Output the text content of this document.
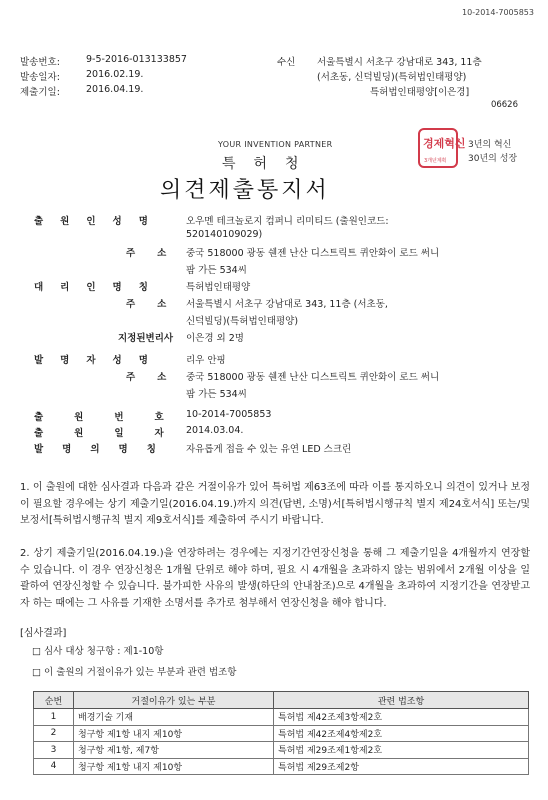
10-2014-7005853
발송번호:	9-5-2016-013133857
발송일자:	2016.02.19.
제출기일:	2016.04.19.
수신 서울특별시 서초구 강남대로 343, 11층
(서초동, 신덕빌딩)(특허법인태평양)
특허법인태평양[이은경]
06626
YOUR INVENTION PARTNER
특허청
의견제출통지서
경제혁신
3개년계획
3년의 혁신
30년의 성장
출원인성명	오우멘 테크놀로지 컴퍼니 리미티드 (출원인코드:
520140109029)
주소
중국 518000 광동 쉔젠 난산 디스트릭트 퀴안화이 로드 써니
팜 가든 534씨
대리인명칭 특허법인태평양
주소
서울특별시 서초구 강남대로 343, 11층 (서초동,
신덕빌딩)(특허법인태평양)
지정된변리사 이은경 외 2명
발명자성명 리우 안핑
주소
중국 518000 광동 쉔젠 난산 디스트릭트 퀴안화이 로드 써니
팜 가든 534씨
출원번호
10-2014-7005853
출원일자
2014.03.04.
발명의명칭 자유롭게 접을 수 있는 유연 LED 스크린
1. 이 출원에 대한 심사결과 다음과 같은 거절이유가 있어 특허법 제63조에 따라 이를 통지하오니 의견이 있거나 보정이 필요할 경우에는 상기 제출기일(2016.04.19.)까지 의견(답변, 소명)서[특허법시행규칙 별지 제24호서식] 또는/및 보정서[특허법시행규칙 별지 제9호서식]를 제출하여 주시기 바랍니다.
2. 상기 제출기일(2016.04.19.)을 연장하려는 경우에는 지정기간연장신청을 통해 그 제출기일을 4개월까지 연장할 수 있습니다. 이 경우 연장신청은 1개월 단위로 해야 하며, 필요 시 4개월을 초과하지 않는 범위에서 2개월 이상을 일괄하여 연장신청할 수 있습니다. 불가피한 사유의 발생(하단의 안내참조)으로 4개월을 초과하여 지정기간을 연장받고자 하는 때에는 그 사유를 기재한 소명서를 추가로 첨부해서 연장신청을 해야 합니다.
[심사결과]
□ 심사 대상 청구항 : 제1-10항
□ 이 출원의 거절이유가 있는 부분과 관련 법조항
순번	거절이유가 있는 부분	관련 법조항
1	배경기술 기재	특허법 제42조제3항제2호
2	청구항 제1항 내지 제10항	특허법 제42조제4항제2호
3	청구항 제1항, 제7항	특허법 제29조제1항제2호
4	청구항 제1항 내지 제10항	특허법 제29조제2항
